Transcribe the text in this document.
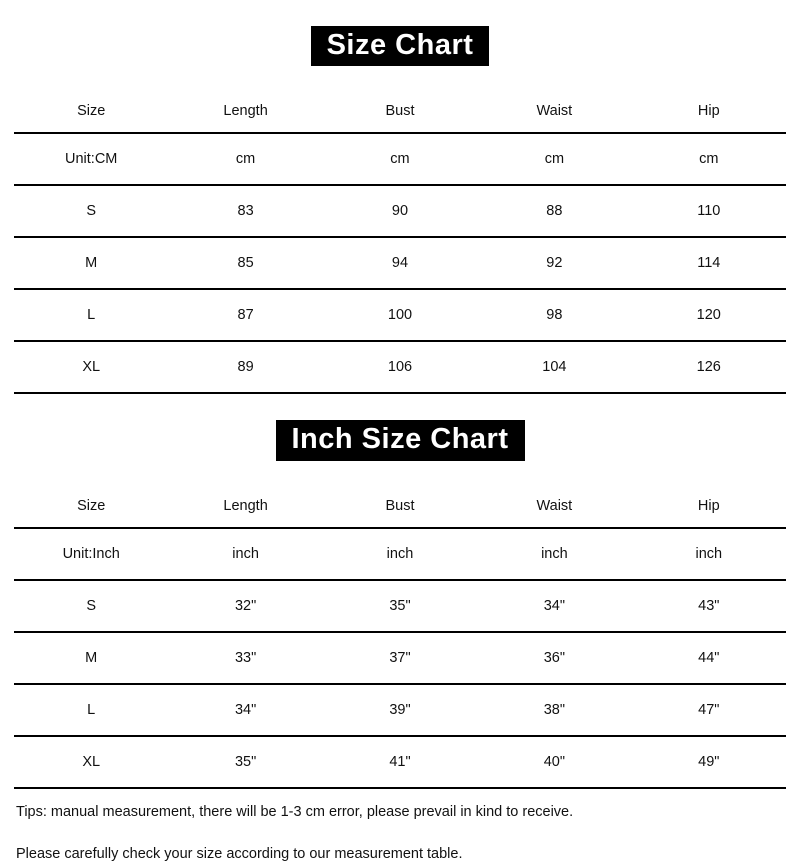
Size Chart
Size	Length	Bust	Waist	Hip
Unit:CM	cm	cm	cm	cm
S	83	90	88	110
M	85	94	92	114
L	87	100	98	120
XL	89	106	104	126
Inch Size Chart
Size	Length	Bust	Waist	Hip
Unit:Inch	inch	inch	inch	inch
S	32"	35"	34"	43"
M	33"	37"	36"	44"
L	34"	39"	38"	47"
XL	35"	41"	40"	49"
Tips: manual measurement, there will be 1-3 cm error, please prevail in kind to receive.
Please carefully check your size according to our measurement table.
